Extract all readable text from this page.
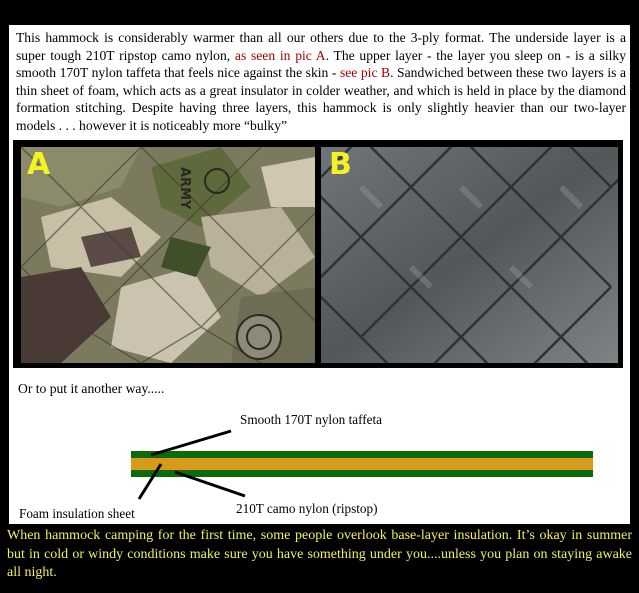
This hammock is considerably warmer than all our others due to the 3-ply format. The underside layer is a super tough 210T ripstop camo nylon, as seen in pic A. The upper layer - the layer you sleep on - is a silky smooth 170T nylon taffeta that feels nice against the skin - see pic B. Sandwiched between these two layers is a thin sheet of foam, which acts as a great insulator in colder weather, and which is held in place by the diamond formation stitching. Despite having three layers, this hammock is only slightly heavier than our two-layer models . . . however it is noticeably more “bulky”

ARMY
A	B
Or to put it another way.....
Smooth 170T nylon taffeta
210T camo nylon (ripstop)
Foam insulation sheet

When hammock camping for the first time, some people overlook base-layer insulation. It’s okay in summer but in cold or windy conditions make sure you have something under you....unless you plan on staying awake all night.
